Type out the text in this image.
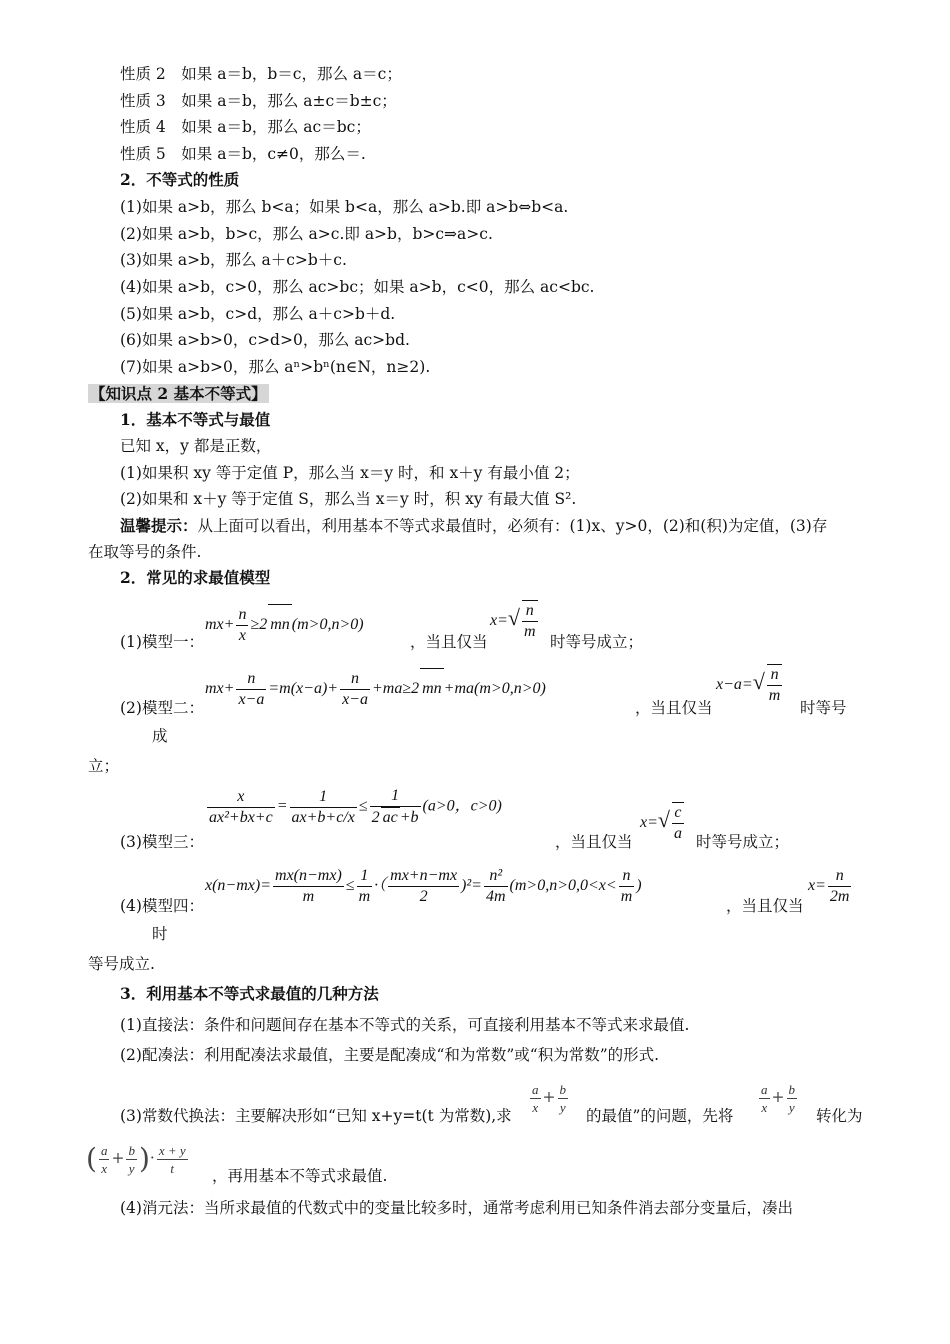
性质 2　如果 a＝b，b＝c，那么 a＝c；
性质 3　如果 a＝b，那么 a±c＝b±c；
性质 4　如果 a＝b，那么 ac＝bc；
性质 5　如果 a＝b，c≠0，那么＝.
2．不等式的性质
(1)如果 a>b，那么 b<a；如果 b<a，那么 a>b.即 a>b⇔b<a.
(2)如果 a>b，b>c，那么 a>c.即 a>b，b>c⇒a>c.
(3)如果 a>b，那么 a＋c>b＋c.
(4)如果 a>b，c>0，那么 ac>bc；如果 a>b，c<0，那么 ac<bc.
(5)如果 a>b，c>d，那么 a＋c>b＋d.
(6)如果 a>b>0，c>d>0，那么 ac>bd.
(7)如果 a>b>0，那么 aⁿ>bⁿ(n∈N，n≥2).
【知识点 2 基本不等式】
1．基本不等式与最值
已知 x，y 都是正数，
(1)如果积 xy 等于定值 P，那么当 x＝y 时，和 x＋y 有最小值 2；
(2)如果和 x＋y 等于定值 S，那么当 x＝y 时，积 xy 有最大值 S².
温馨提示：从上面可以看出，利用基本不等式求最值时，必须有：(1)x、y>0，(2)和(积)为定值，(3)存
在取等号的条件.
2．常见的求最值模型
(1)模型一：
$mx+ \frac{n}{x} \ge 2$ mn (m>0,n>0)
，当且仅当
$x=√ \frac{n}{m}$ 时等号成立；
(2)模型二：
$mx+ \frac{n}{x-a} =m(x-a)+ \frac{n}{x-a} +ma\ge 2$ mn +ma(m>0,n>0)
，当且仅当
$x-a=√ \frac{n}{m}$
时等号
成
立；
(3)模型三：
$\frac{x}{\text{ax²+bx+c}} = \frac{1}{ax+b+c/x} \le \frac{1}{2 ac +b} (a>0$，c>0)
，当且仅当
$x=√ \frac{c}{a}$ 时等号成立；
(4)模型四：
$x(n-mx)= \frac{mx(n-mx)}{m} \le \frac{1}{m}$ ·（ $\frac{mx+n-mx}{2} )^2= \frac{\text{n²}}{4m} (m>0,n>0,0<x< \frac{n}{m}$ )
，当且仅当
$x= \frac{n}{2m}$
时
等号成立.
3．利用基本不等式求最值的几种方法
(1)直接法：条件和问题间存在基本不等式的关系，可直接利用基本不等式来求最值.
(2)配凑法：利用配凑法求最值，主要是配凑成“和为常数”或“积为常数”的形式.
(3)常数代换法：主要解决形如“已知 x+y=t(t 为常数),求
$\frac{a}{x} + \frac{b}{y}$
的最值”的问题，先将
$\frac{a}{x} + \frac{b}{y}$
转化为
( $\frac{a}{x} + \frac{b}{y}$ )· $\frac{x + y}{t}$ ，再用基本不等式求最值.
(4)消元法：当所求最值的代数式中的变量比较多时，通常考虑利用已知条件消去部分变量后，凑出
